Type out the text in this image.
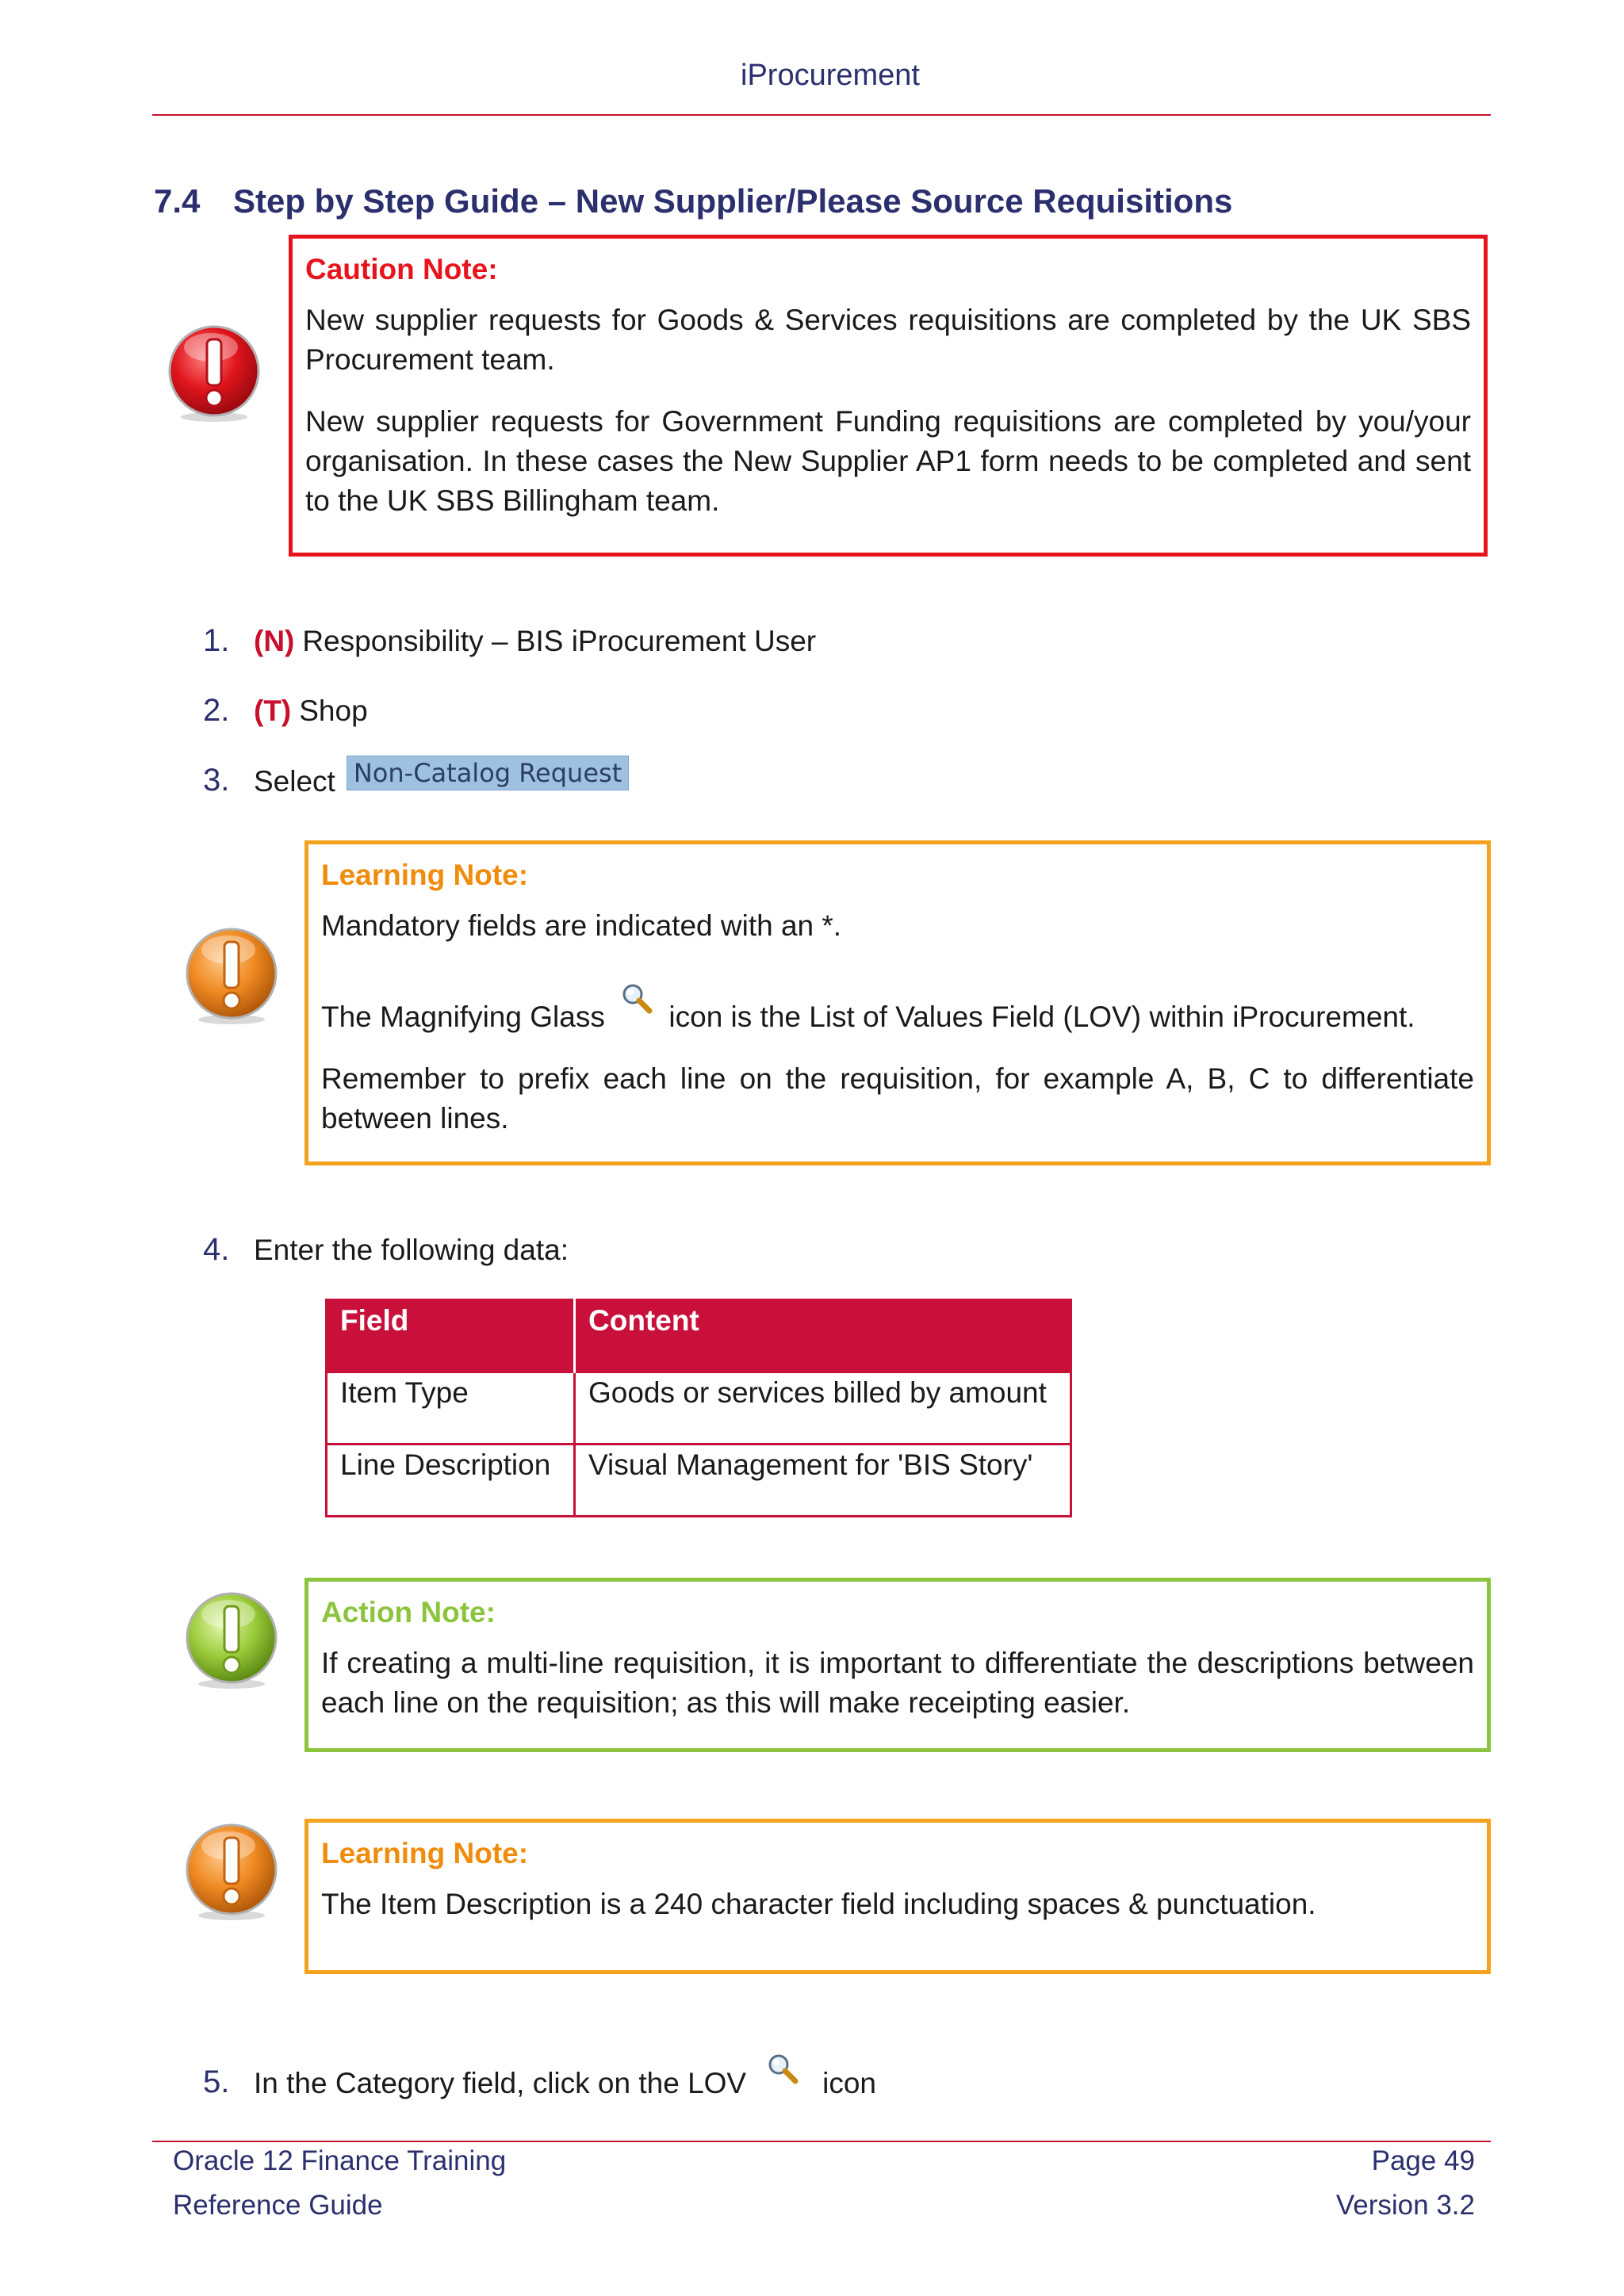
iProcurement
7.4 Step by Step Guide – New Supplier/Please Source Requisitions
Caution Note:

New supplier requests for Goods & Services requisitions are completed by the UK SBS Procurement team.

New supplier requests for Government Funding requisitions are completed by you/your organisation. In these cases the New Supplier AP1 form needs to be completed and sent to the UK SBS Billingham team.

1. (N) Responsibility – BIS iProcurement User
2. (T) Shop
3. Select Non-Catalog Request
Learning Note:

Mandatory fields are indicated with an *.

The Magnifying Glass icon is the List of Values Field (LOV) within iProcurement.

Remember to prefix each line on the requisition, for example A, B, C to differentiate between lines.

4. Enter the following data:
Field	Content
Item Type	Goods or services billed by amount
Line Description	Visual Management for 'BIS Story'
Action Note:

If creating a multi-line requisition, it is important to differentiate the descriptions between each line on the requisition; as this will make receipting easier.

Learning Note:

The Item Description is a 240 character field including spaces & punctuation.

5. In the Category field, click on the LOV	icon
Oracle 12 Finance Training
Reference Guide
Page 49
Version 3.2
